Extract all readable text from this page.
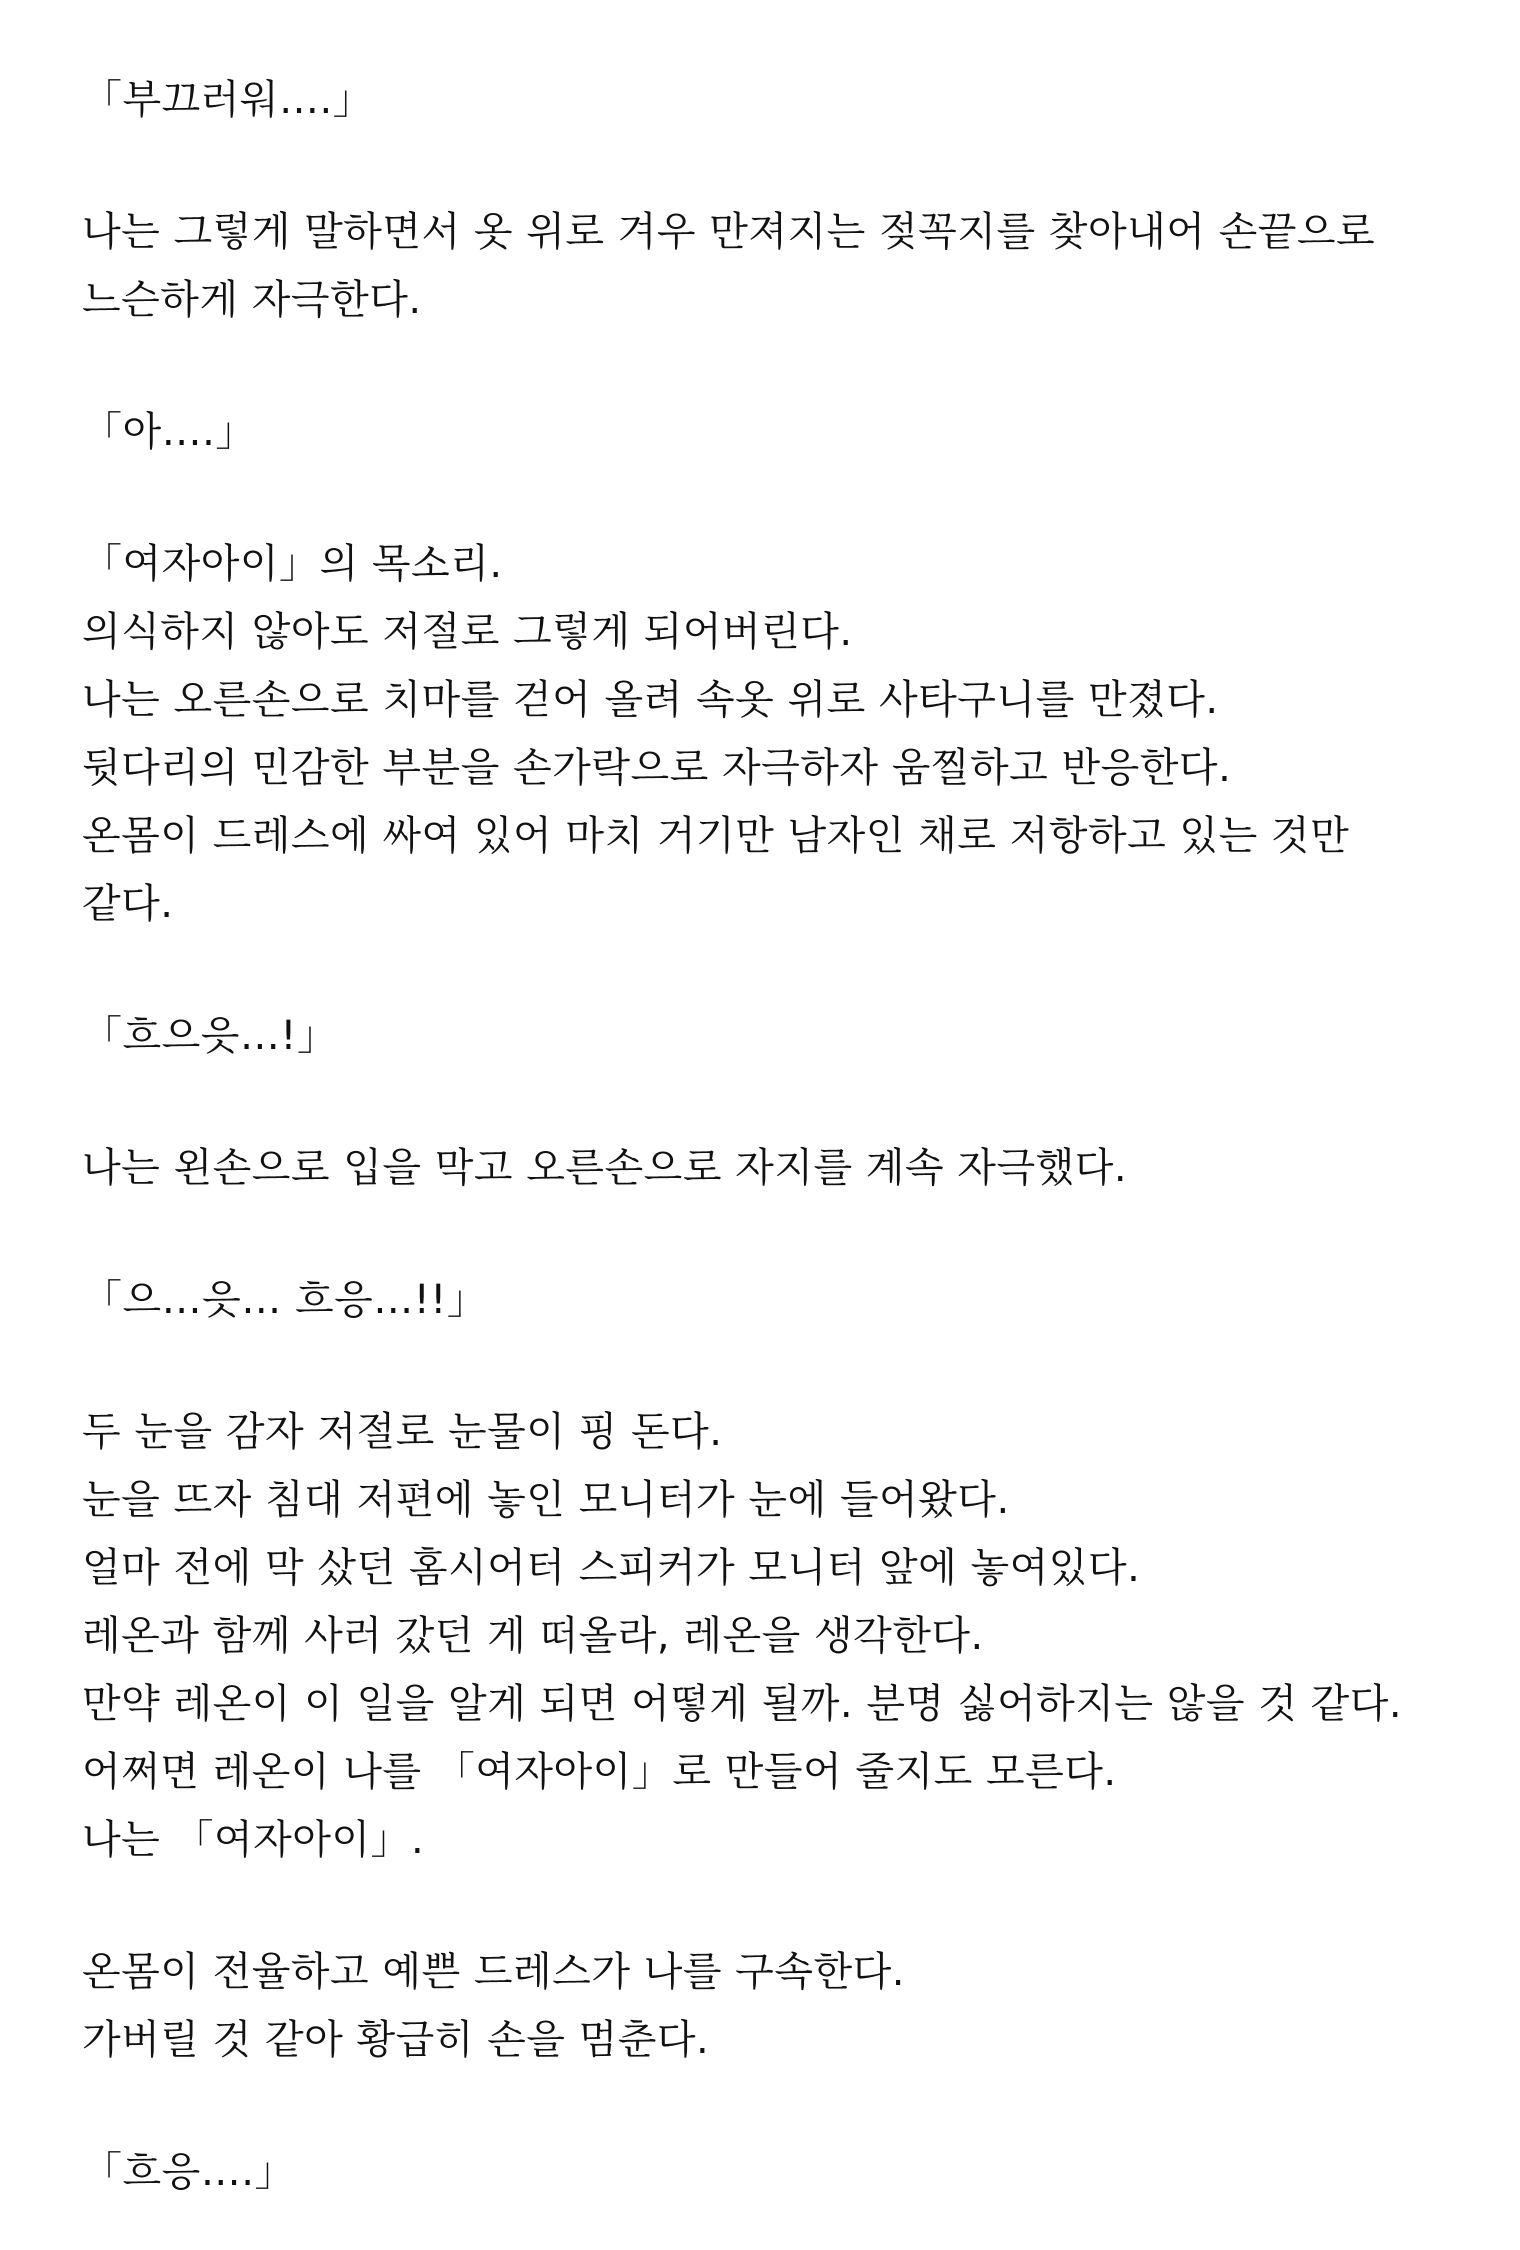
「부끄러워….」
나는 그렇게 말하면서 옷 위로 겨우 만져지는 젖꼭지를 찾아내어 손끝으로
느슨하게 자극한다.
「아….」
「여자아이」의 목소리.
의식하지 않아도 저절로 그렇게 되어버린다.
나는 오른손으로 치마를 걷어 올려 속옷 위로 사타구니를 만졌다.
뒷다리의 민감한 부분을 손가락으로 자극하자 움찔하고 반응한다.
온몸이 드레스에 싸여 있어 마치 거기만 남자인 채로 저항하고 있는 것만
같다.
「흐으읏…!」
나는 왼손으로 입을 막고 오른손으로 자지를 계속 자극했다.
「으…읏… 흐응…!!」
두 눈을 감자 저절로 눈물이 핑 돈다.
눈을 뜨자 침대 저편에 놓인 모니터가 눈에 들어왔다.
얼마 전에 막 샀던 홈시어터 스피커가 모니터 앞에 놓여있다.
레온과 함께 사러 갔던 게 떠올라, 레온을 생각한다.
만약 레온이 이 일을 알게 되면 어떻게 될까. 분명 싫어하지는 않을 것 같다.
어쩌면 레온이 나를 「여자아이」로 만들어 줄지도 모른다.
나는 「여자아이」.
온몸이 전율하고 예쁜 드레스가 나를 구속한다.
가버릴 것 같아 황급히 손을 멈춘다.
「흐응….」
